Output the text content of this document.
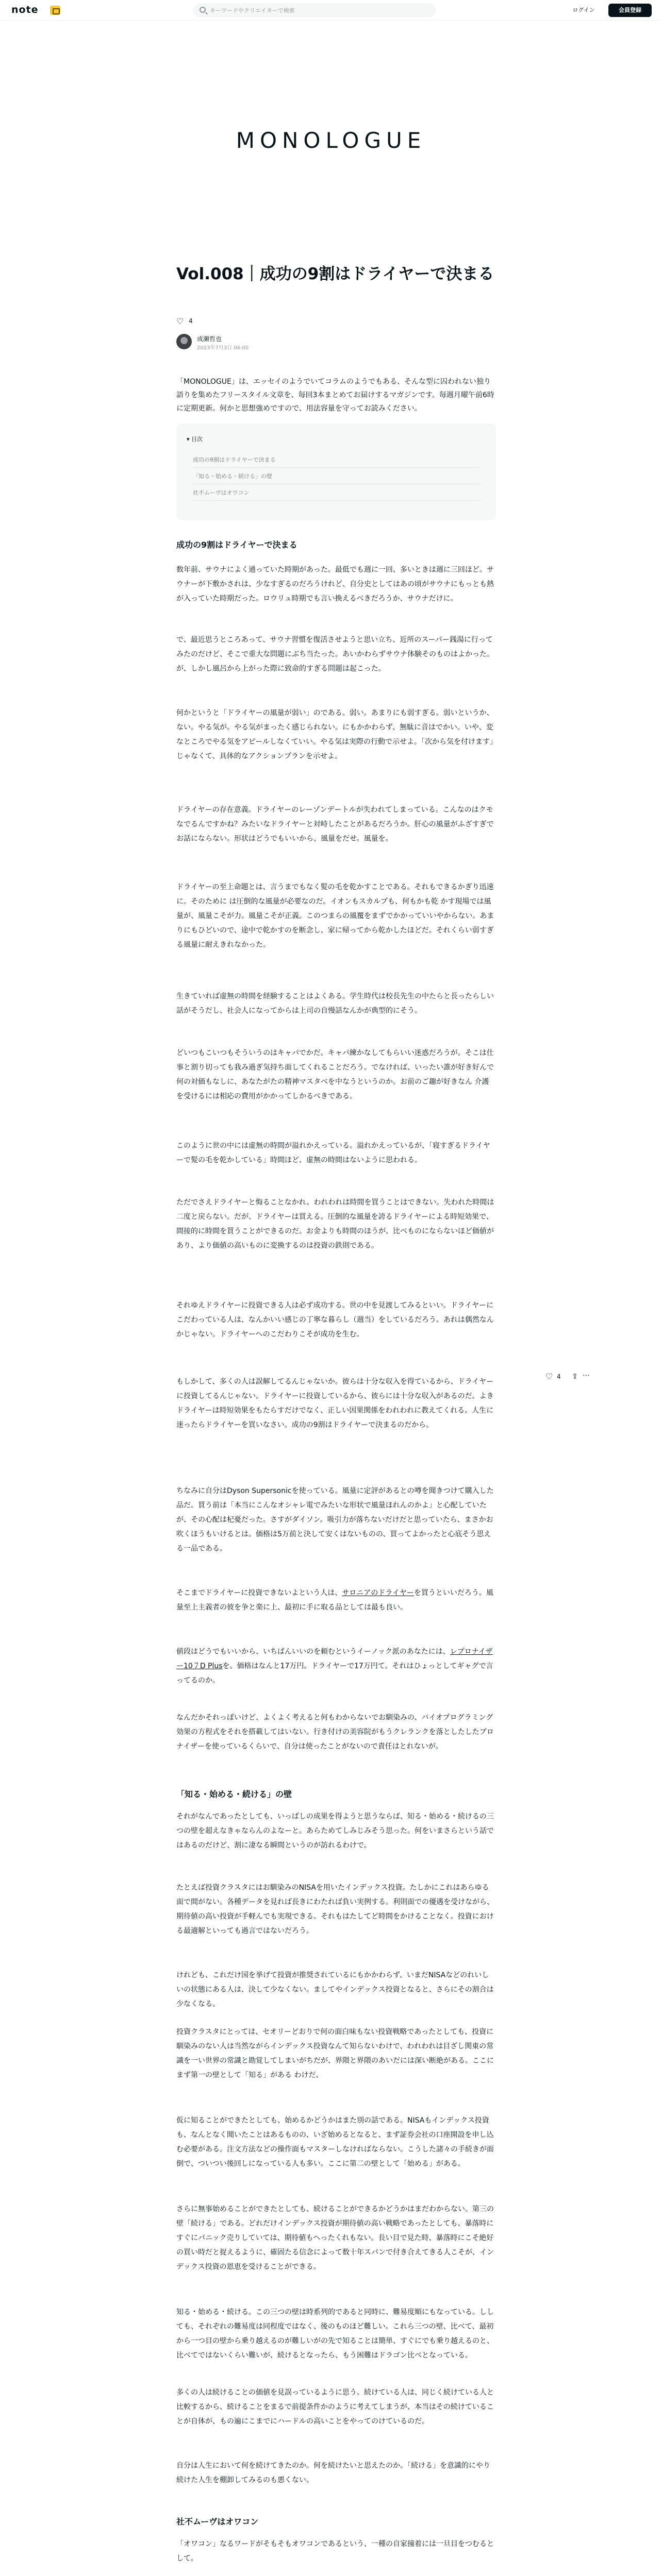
note
キーワードやクリエイターで検索	ログイン	会員登録
MONOLOGUE
Vol.008｜成功の9割はドライヤーで決まる
♡ 4
成瀬哲也
2023年7月3日 06:00

「MONOLOGUE」は、エッセイのようでいてコラムのようでもある、そんな型に囚われない独り語りを集めたフリースタイル文章を、毎回3本まとめてお届けするマガジンです。毎週月曜午前6時に定期更新。何かと思想強めですので、用法容量を守ってお読みください。

▾ 目次
成功の9割はドライヤーで決まる
「知る・始める・続ける」の壁
社不ムーヴはオワコン
成功の9割はドライヤーで決まる

数年前、サウナによく通っていた時期があった。最低でも週に一回、多いときは週に三回ほど。サウナーが下敷かされは、少なすぎるのだろうけれど、自分史としてはあの頃がサウナにもっとも熱が入っていた時期だった。ロウリュ時期でも言い換えるべきだろうか、サウナだけに。

で、最近思うところあって、サウナ習慣を復活させようと思い立ち、近所のスーパー銭湯に行ってみたのだけど、そこで重大な問題にぶち当たった。あいかわらずサウナ体験そのものはよかった。が、しかし風呂から上がった際に致命的すぎる問題は起こった。

何かというと「ドライヤーの風量が弱い」のである。弱い。あまりにも弱すぎる。弱いというか、ない。やる気が。やる気がまったく感じられない。にもかかわらず、無駄に音はでかい。いや、変なところでやる気をアピールしなくていい。やる気は実際の行動で示せよ。「次から気を付けます」じゃなくて、具体的なアクションプランを示せよ。

ドライヤーの存在意義。ドライヤーのレーゾンデートルが失われてしまっている。こんなのはクモなでるんですかね？みたいなドライヤーと対峙したことがあるだろうか。肝心の風量がふざすぎでお話にならない。形状はどうでもいいから、風量をだせ。風量を。

ドライヤーの至上命題とは、言うまでもなく髪の毛を乾かすことである。それもできるかぎり迅速に。そのために は圧倒的な風量が必要なのだ。イオンもスカルプも、何もかも乾 かす現場では風量が、風量こそが力。風量こそが正義。このつまらの風覆をまずでかかっていいやからない。あまりにもひどいので、途中で乾かすのを断念し、家に帰ってから乾かしたほどだ。それくらい弱すぎる風量に耐えきれなかった。

生きていれば虚無の時間を経験することはよくある。学生時代は校長先生の中たらと長ったらしい話がそうだし、社会人になってからは上司の自慢話なんかが典型的にそう。

どいつもこいつもそういうのはキャパでかだ。キャパ練かなしてもらいい迷惑だろうが。そこは仕事と割り切っても我み過ぎ気持ち面してくれることだろう。でなければ、いったい誰が好き好んで何の対価もなしに、あなたがたの精神マスタベを中なうというのか。お前のご趣が好きなん 介護を受けるには相応の費用がかかってしかるべきである。

このように世の中には虚無の時間が溢れかえっている。溢れかえっているが、「寝すぎるドライヤーで髪の毛を乾かしている」時間ほど、虚無の時間はないように思われる。

ただでさえドライヤーと悔ることなかれ。われわれは時間を買うことはできない。失われた時間は二度と戻らない。だが、ドライヤーは買える。圧倒的な風量を誇るドライヤーによる時短効果で、間接的に時間を買うことができるのだ。お金よりも時間のほうが、比べものにならないほど価値があり、より価値の高いものに変換するのは投資の鉄則である。

それゆえドライヤーに投資できる人は必ず成功する。世の中を見渡してみるといい。ドライヤーにこだわっている人は、なんかいい感じの丁寧な暮らし（週当）をしているだろう。あれは偶然なんかじゃない。ドライヤーへのこだわりこそが成功を生む。

もしかして、多くの人は誤解してるんじゃないか。彼らは十分な収入を得ているから、ドライヤーに投資してるんじゃない。ドライヤーに投資しているから、彼らには十分な収入があるのだ。よきドライヤーは時短効果をもたらすだけでなく、正しい因果関係をわれわれに教えてくれる。人生に迷ったらドライヤーを買いなさい。成功の9割はドライヤーで決まるのだから。

ちなみに自分はDyson Supersonicを使っている。風量に定評があるとの噂を聞きつけて購入した品だ。買う前は「本当にこんなオシャレ電でみたいな形状で風量ほれんのかよ」と心配していたが、その心配は杞憂だった。さすがダイソン。吸引力が落ちないだけだと思っていたら、まさかお吹くほうもいけるとは。価格は5万前と決して安くはないものの、買ってよかったと心底そう思える一品である。

そこまでドライヤーに投資できないよという人は、サロニアのドライヤーを買うといいだろう。風量至上主義者の彼を争と楽に上、最初に手に取る品としては最も良い。

値段はどうでもいいから、いちばんいいのを頼むというイーノック派のあなたには、レプロナイザー10７D Plusを。価格はなんと17万円。ドライヤーで17万円て。それはひょっとしてギャグで言ってるのか。

なんだかそれっぽいけど、よくよく考えると何もわからないでお馴染みの、バイオプログラミング効果の方程式をそれを搭載してはいない。行き付けの美容院がもうクレランクを落としたしたブロナイザーを使っているくらいで、自分は使ったことがないので責任はとれないが。

「知る・始める・続ける」の壁

それがなんであったとしても、いっぱしの成果を得ようと思うならば、知る・始める・続けるの三つの壁を超えなきゃならんのよなーと。あらためてしみじみそう思った。何をいまさらという話ではあるのだけど、割に凄なる瞬間というのが訪れるわけで。

たとえば投資クラスタにはお馴染みのNISAを用いたインデックス投資。たしかにこれはあらゆる面で間がない。各種データを見れば長きにわたれば負い実例する。利則面での優遇を受けながら、期待値の高い投資が手軽んでも実現できる。それもはたしてど時間をかけることなく。投資における最適解といっても過言ではないだろう。

けれども、これだけ国を挙げて投資が推奨されているにもかかわらず、いまだNISAなどのれいしいの状態にある人は、決して少なくない。ましてやインデックス投資となると、さらにその割合は少なくなる。

投資クラスタにとっては、セオリーどおりで何の面白味もない投資戦略であったとしても、投資に馴染みのない人は当然ながらインデックス投資なんて知らないわけで、われわれは目ざし関東の常識を一い世界の常識と勘覚してしまいがちだが、界隈と界隈のあいだには深い断絶がある。ここにまず第一の壁として「知る」がある わけだ。

仮に知ることができたとしても、始めるかどうかはまた別の話である。NISAもインデックス投資も、なんとなく聞いたことはあるものの、いざ始めるとなると、まず証券会社の口座開設を申し込む必要がある。注文方法などの操作面もマスターしなければならない。こうした諸々の手続きが面倒で、ついつい後回しになっている人も多い。ここに第二の壁として「始める」がある。

さらに無事始めることができたとしても、続けることができるかどうかはまだわからない。第三の壁「続ける」である。どれだけインデックス投資が期待値の高い戦略であったとしても、暴落時にすぐにパニック売りしていては、期待値もへったくれもない。長い目で見た時、暴落時にこそ絶好の買い時だと捉えるように、確固たる信念によって数十年スパンで付き合えてきる人こそが、インデックス投資の恩恵を受けることができる。

知る・始める・続ける。この三つの壁は時系列的であると同時に、難易度順にもなっている。ししても、それぞれの難易度は同程度ではなく、後のものほど難しい。これら三つの壁、比べて、最初から一つ目の壁から乗り越えるのが難しいがの先で知ることは簡単、すぐにでも乗り越えるのと、比べてではないくらい難いが、続けるとなったら、もう困難はドラゴン比べとなっている。

多くの人は続けることの価値を見誤っているように思う。続けている人は、同じく続けている人と比較するから、続けることをまるで前提条件かのように考えてしまうが、本当はその続けていることが自体が、もの遍にこまでにハードルの高いことをやってのけているのだ。

自分は人生において何を続けてきたのか。何を続けたいと思えたのか。「続ける」を意識的にやり続けた人生を棚卸してみるのも悪くない。

社不ムーヴはオワコン

「オワコン」なるワードがそもそもオワコンであるという、一種の自家撞着には一旦目をつむるとして。

♡ 4 ⇪ ⋯
